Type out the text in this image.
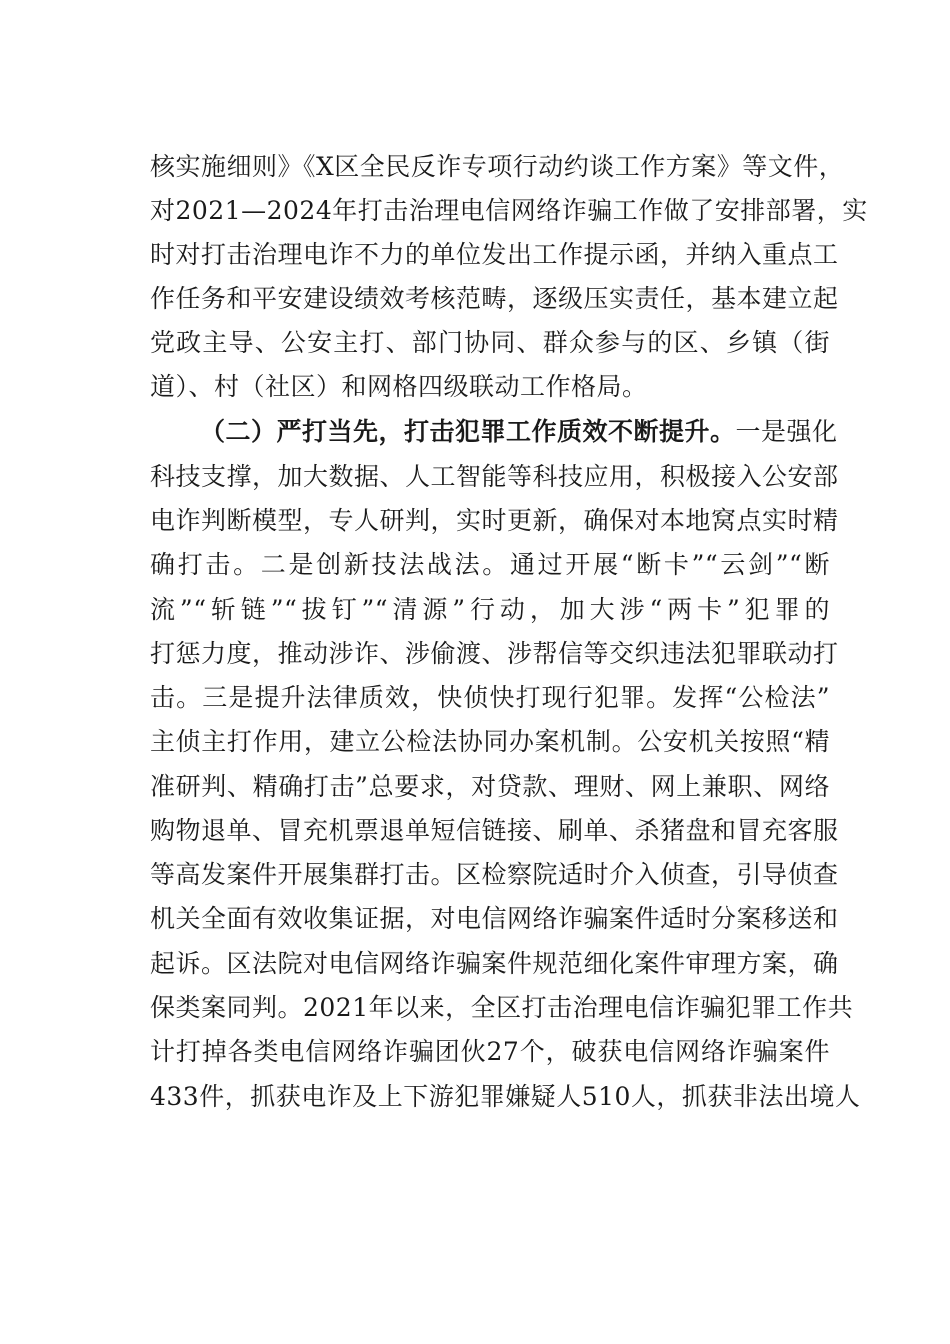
核实施细则》《X区全民反诈专项行动约谈工作方案》等文件，
对2021—2024年打击治理电信网络诈骗工作做了安排部署，实
时对打击治理电诈不力的单位发出工作提示函，并纳入重点工
作任务和平安建设绩效考核范畴，逐级压实责任，基本建立起
党政主导、公安主打、部门协同、群众参与的区、乡镇（街
道）、村（社区）和网格四级联动工作格局。
（二）严打当先，打击犯罪工作质效不断提升。一是强化
科技支撑，加大数据、人工智能等科技应用，积极接入公安部
电诈判断模型，专人研判，实时更新，确保对本地窝点实时精
确打击。二是创新技法战法。通过开展“断卡”“云剑”“断
流”“斩链”“拔钉”“清源”行动，加大涉“两卡”犯罪的
打惩力度，推动涉诈、涉偷渡、涉帮信等交织违法犯罪联动打
击。三是提升法律质效，快侦快打现行犯罪。发挥“公检法”
主侦主打作用，建立公检法协同办案机制。公安机关按照“精
准研判、精确打击”总要求，对贷款、理财、网上兼职、网络
购物退单、冒充机票退单短信链接、刷单、杀猪盘和冒充客服
等高发案件开展集群打击。区检察院适时介入侦查，引导侦查
机关全面有效收集证据，对电信网络诈骗案件适时分案移送和
起诉。区法院对电信网络诈骗案件规范细化案件审理方案，确
保类案同判。2021年以来，全区打击治理电信诈骗犯罪工作共
计打掉各类电信网络诈骗团伙27个，破获电信网络诈骗案件
433件，抓获电诈及上下游犯罪嫌疑人510人，抓获非法出境人
